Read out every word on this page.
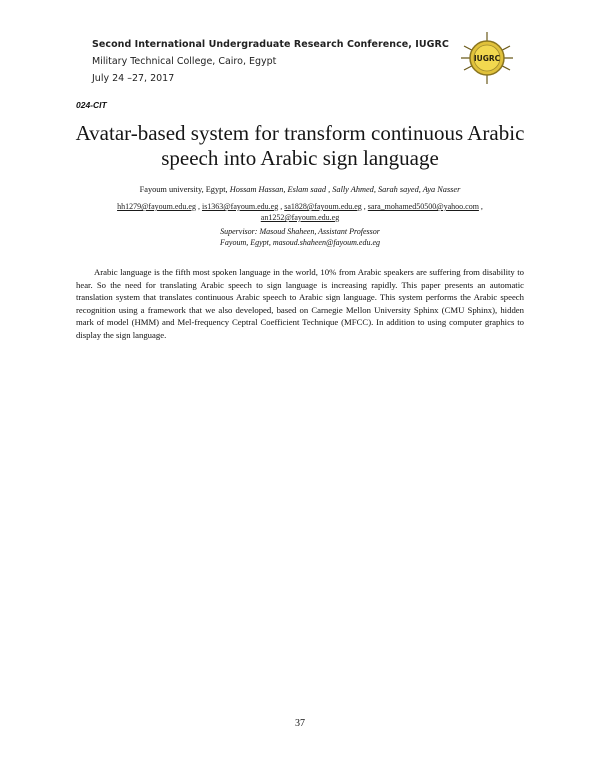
Second International Undergraduate Research Conference, IUGRC
Military Technical College, Cairo, Egypt
July 24 –27, 2017
IUGRC
024-CIT
Avatar-based system for transform continuous Arabic
speech into Arabic sign language
Fayoum university, Egypt, Hossam Hassan, Eslam saad , Sally Ahmed, Sarah sayed, Aya Nasser
hh1279@fayoum.edu.eg , is1363@fayoum.edu.eg , sa1828@fayoum.edu.eg , sara_mohamed50500@yahoo.com ,
an1252@fayoum.edu.eg
Supervisor: Masoud Shaheen, Assistant Professor
Fayoum, Egypt, masoud.shaheen@fayoum.edu.eg
Arabic language is the fifth most spoken language in the world, 10% from Arabic speakers are suffering from disability to hear. So the need for translating Arabic speech to sign language is increasing rapidly. This paper presents an automatic translation system that translates continuous Arabic speech to Arabic sign language. This system performs the Arabic speech recognition using a framework that we also developed, based on Carnegie Mellon University Sphinx (CMU Sphinx), hidden mark of model (HMM) and Mel-frequency Ceptral Coefficient Technique (MFCC). In addition to using computer graphics to display the sign language.
37
